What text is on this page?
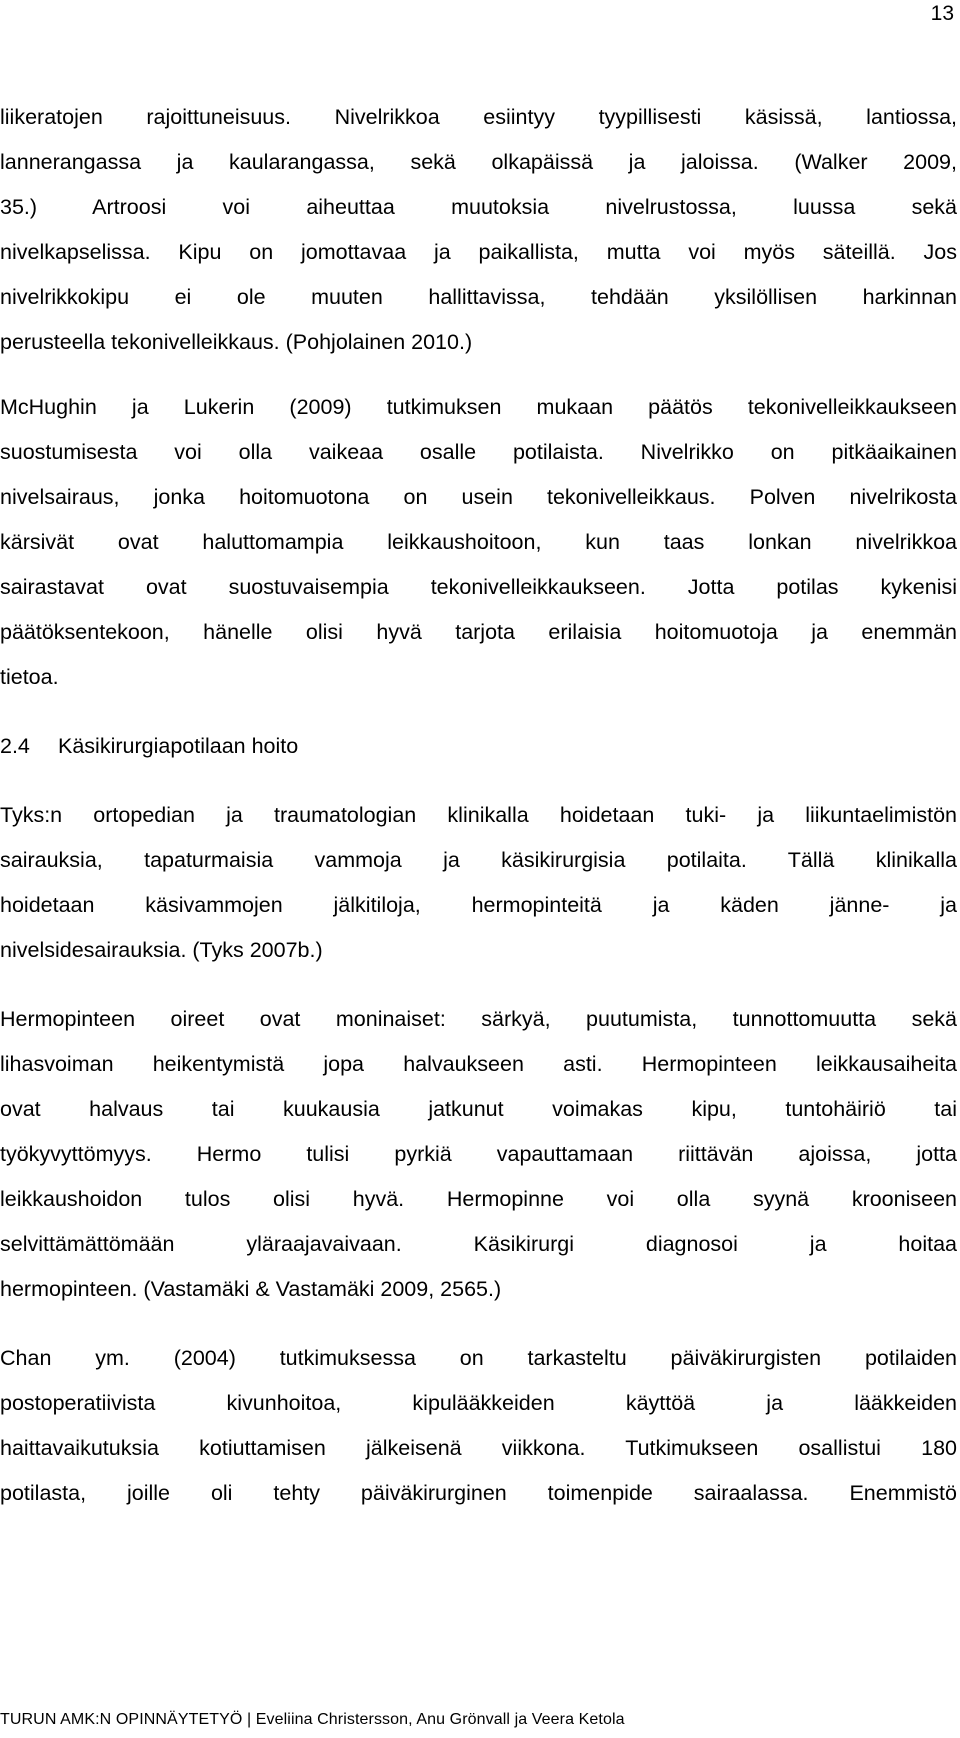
13
liikeratojen rajoittuneisuus. Nivelrikkoa esiintyy tyypillisesti käsissä, lantiossa,
lannerangassa ja kaularangassa, sekä olkapäissä ja jaloissa. (Walker 2009,
35.) Artroosi voi aiheuttaa muutoksia nivelrustossa, luussa sekä
nivelkapselissa. Kipu on jomottavaa ja paikallista, mutta voi myös säteillä. Jos
nivelrikkokipu ei ole muuten hallittavissa, tehdään yksilöllisen harkinnan
perusteella tekonivelleikkaus. (Pohjolainen 2010.)
McHughin ja Lukerin (2009) tutkimuksen mukaan päätös tekonivelleikkaukseen
suostumisesta voi olla vaikeaa osalle potilaista. Nivelrikko on pitkäaikainen
nivelsairaus, jonka hoitomuotona on usein tekonivelleikkaus. Polven nivelrikosta
kärsivät ovat haluttomampia leikkaushoitoon, kun taas lonkan nivelrikkoa
sairastavat ovat suostuvaisempia tekonivelleikkaukseen. Jotta potilas kykenisi
päätöksentekoon, hänelle olisi hyvä tarjota erilaisia hoitomuotoja ja enemmän
tietoa.
2.4 Käsikirurgiapotilaan hoito
Tyks:n ortopedian ja traumatologian klinikalla hoidetaan tuki- ja liikuntaelimistön
sairauksia, tapaturmaisia vammoja ja käsikirurgisia potilaita. Tällä klinikalla
hoidetaan käsivammojen jälkitiloja, hermopinteitä ja käden jänne- ja
nivelsidesairauksia. (Tyks 2007b.)
Hermopinteen oireet ovat moninaiset: särkyä, puutumista, tunnottomuutta sekä
lihasvoiman heikentymistä jopa halvaukseen asti. Hermopinteen leikkausaiheita
ovat halvaus tai kuukausia jatkunut voimakas kipu, tuntohäiriö tai
työkyvyttömyys. Hermo tulisi pyrkiä vapauttamaan riittävän ajoissa, jotta
leikkaushoidon tulos olisi hyvä. Hermopinne voi olla syynä krooniseen
selvittämättömään yläraajavaivaan. Käsikirurgi diagnosoi ja hoitaa
hermopinteen. (Vastamäki & Vastamäki 2009, 2565.)
Chan ym. (2004) tutkimuksessa on tarkasteltu päiväkirurgisten potilaiden
postoperatiivista kivunhoitoa, kipulääkkeiden käyttöä ja lääkkeiden
haittavaikutuksia kotiuttamisen jälkeisenä viikkona. Tutkimukseen osallistui 180
potilasta, joille oli tehty päiväkirurginen toimenpide sairaalassa. Enemmistö
TURUN AMK:N OPINNÄYTETYÖ | Eveliina Christersson, Anu Grönvall ja Veera Ketola
